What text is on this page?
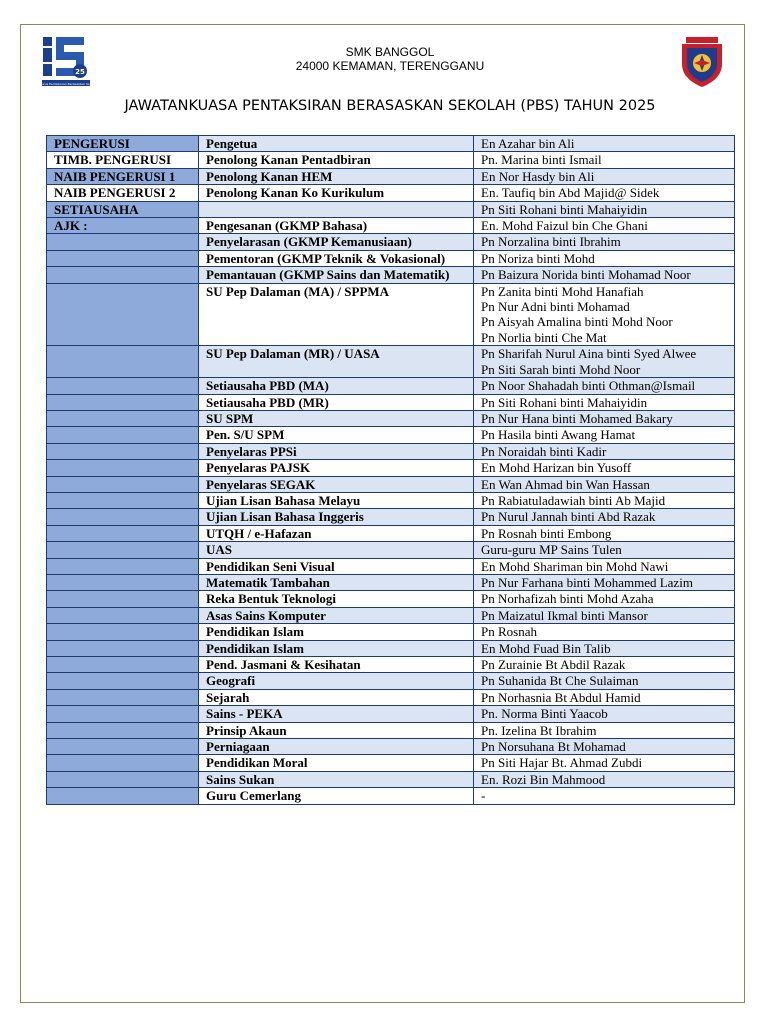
25
Pengurus Pentaksiran Berasaskan Sekolah
SMK BANGGOL
24000 KEMAMAN, TERENGGANU
JAWATANKUASA PENTAKSIRAN BERASASKAN SEKOLAH (PBS) TAHUN 2025
PENGERUSI	Pengetua	En Azahar bin Ali

TIMB. PENGERUSI	Penolong Kanan Pentadbiran	Pn. Marina binti Ismail

NAIB PENGERUSI 1	Penolong Kanan HEM	En Nor Hasdy bin Ali

NAIB PENGERUSI 2	Penolong Kanan Ko Kurikulum	En. Taufiq bin Abd Majid@ Sidek

SETIAUSAHA		Pn Siti Rohani binti Mahaiyidin

AJK :	Pengesanan (GKMP Bahasa)	En. Mohd Faizul bin Che Ghani

	Penyelarasan (GKMP Kemanusiaan)	Pn Norzalina binti Ibrahim

	Pementoran (GKMP Teknik & Vokasional)	Pn Noriza binti Mohd

	Pemantauan (GKMP Sains dan Matematik)	Pn Baizura Norida binti Mohamad Noor

	SU Pep Dalaman (MA) / SPPMA	Pn Zanita binti Mohd Hanafiah
Pn Nur Adni binti Mohamad
Pn Aisyah Amalina binti Mohd Noor
Pn Norlia binti Che Mat

	SU Pep Dalaman (MR) / UASA	Pn Sharifah Nurul Aina binti Syed Alwee
Pn Siti Sarah binti Mohd Noor

	Setiausaha PBD (MA)	Pn Noor Shahadah binti Othman@Ismail

	Setiausaha PBD (MR)	Pn Siti Rohani binti Mahaiyidin

	SU SPM	Pn Nur Hana binti Mohamed Bakary

	Pen. S/U SPM	Pn Hasila binti Awang Hamat

	Penyelaras PPSi	Pn Noraidah binti Kadir

	Penyelaras PAJSK	En Mohd Harizan bin Yusoff

	Penyelaras SEGAK	En Wan Ahmad bin Wan Hassan

	Ujian Lisan Bahasa Melayu	Pn Rabiatuladawiah binti Ab Majid

	Ujian Lisan Bahasa Inggeris	Pn Nurul Jannah binti Abd Razak

	UTQH / e-Hafazan	Pn Rosnah binti Embong

	UAS	Guru-guru MP Sains Tulen

	Pendidikan Seni Visual	En Mohd Shariman bin Mohd Nawi

	Matematik Tambahan	Pn Nur Farhana binti Mohammed Lazim

	Reka Bentuk Teknologi	Pn Norhafizah binti Mohd Azaha

	Asas Sains Komputer	Pn Maizatul Ikmal binti Mansor

	Pendidikan Islam	Pn Rosnah

	Pendidikan Islam	En Mohd Fuad Bin Talib

	Pend. Jasmani & Kesihatan	Pn Zurainie Bt Abdil Razak

	Geografi	Pn Suhanida Bt Che Sulaiman

	Sejarah	Pn Norhasnia Bt Abdul Hamid

	Sains - PEKA	Pn. Norma Binti Yaacob

	Prinsip Akaun	Pn. Izelina Bt Ibrahim

	Perniagaan	Pn Norsuhana Bt Mohamad

	Pendidikan Moral	Pn Siti Hajar Bt. Ahmad Zubdi

	Sains Sukan	En. Rozi Bin Mahmood

	Guru Cemerlang	-
